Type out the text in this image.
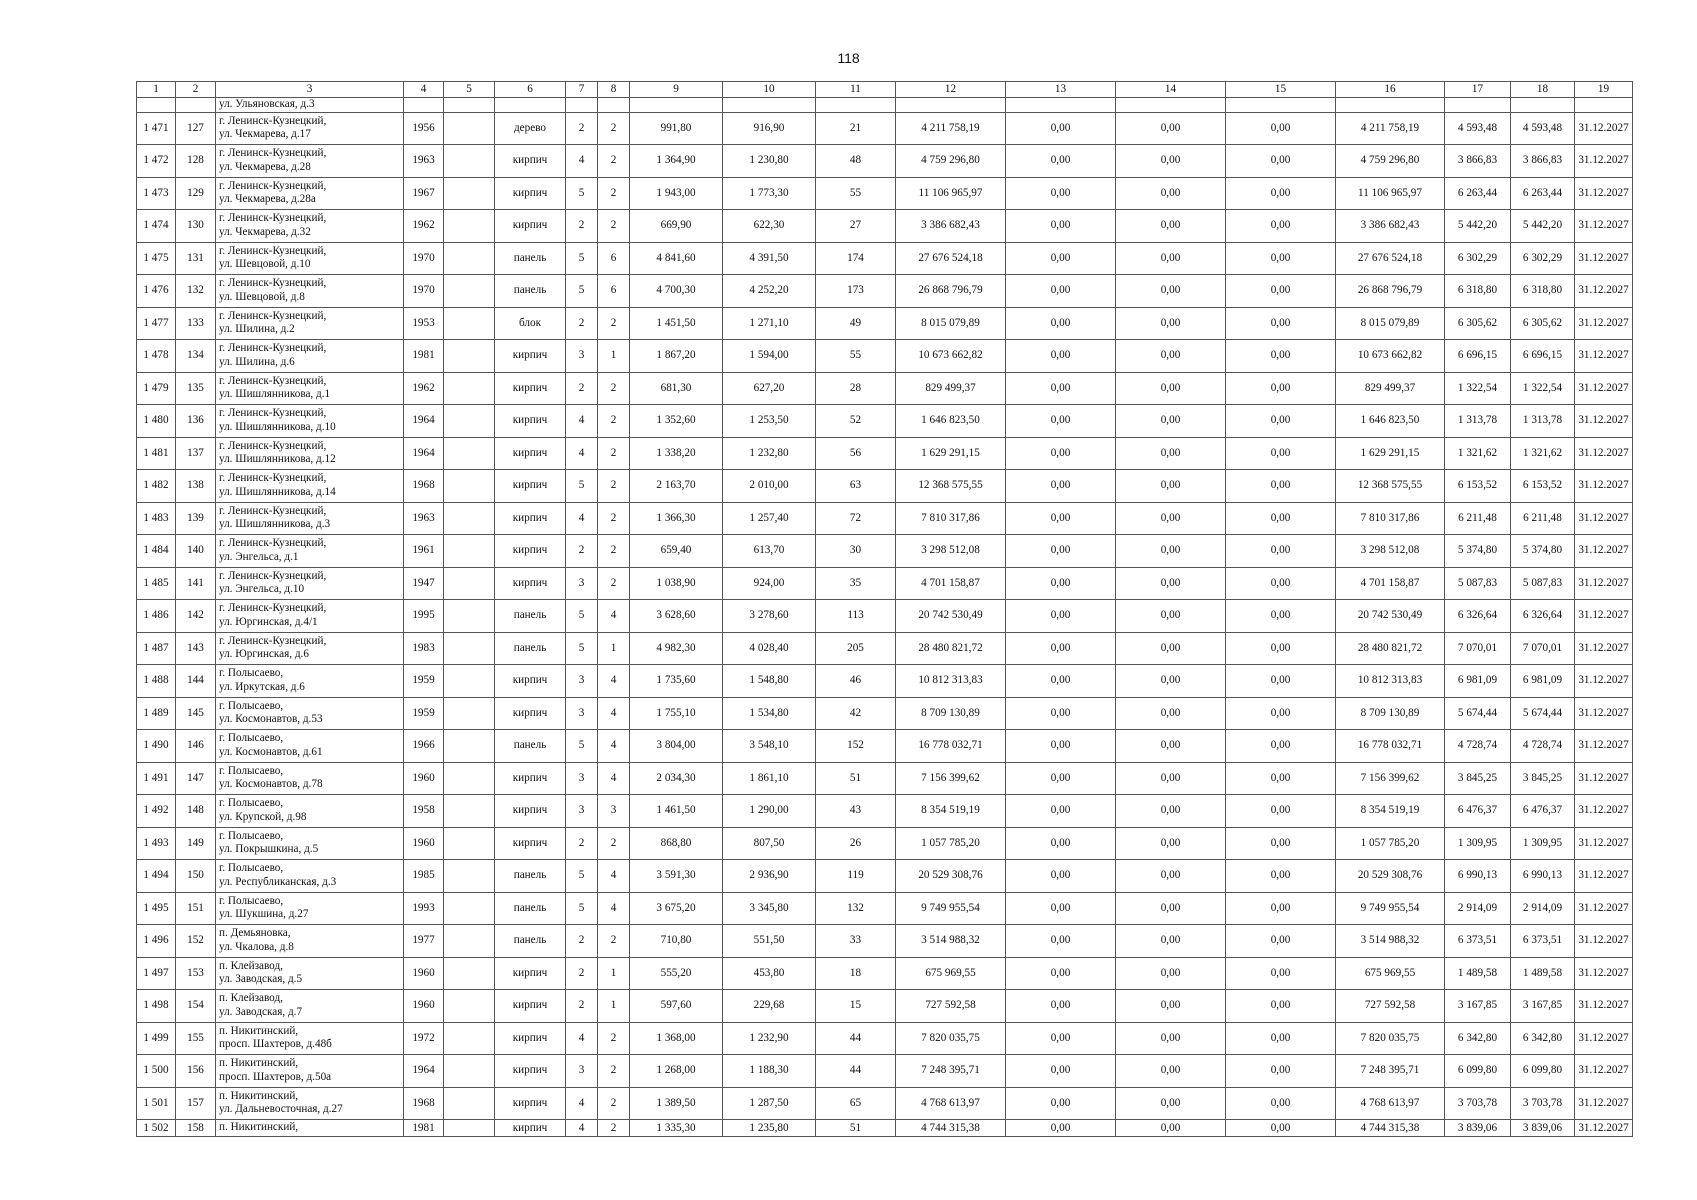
118
1	2	3	4	5	6	7	8	9	10	11	12	13	14	15	16	17	18	19
		ул. Ульяновская, д.3																
1 471	127	г. Ленинск-Кузнецкий,
ул. Чекмарева, д.17	1956		дерево	2	2	991,80	916,90	21	4 211 758,19	0,00	0,00	0,00	4 211 758,19	4 593,48	4 593,48	31.12.2027
1 472	128	г. Ленинск-Кузнецкий,
ул. Чекмарева, д.28	1963		кирпич	4	2	1 364,90	1 230,80	48	4 759 296,80	0,00	0,00	0,00	4 759 296,80	3 866,83	3 866,83	31.12.2027
1 473	129	г. Ленинск-Кузнецкий,
ул. Чекмарева, д.28а	1967		кирпич	5	2	1 943,00	1 773,30	55	11 106 965,97	0,00	0,00	0,00	11 106 965,97	6 263,44	6 263,44	31.12.2027
1 474	130	г. Ленинск-Кузнецкий,
ул. Чекмарева, д.32	1962		кирпич	2	2	669,90	622,30	27	3 386 682,43	0,00	0,00	0,00	3 386 682,43	5 442,20	5 442,20	31.12.2027
1 475	131	г. Ленинск-Кузнецкий,
ул. Шевцовой, д.10	1970		панель	5	6	4 841,60	4 391,50	174	27 676 524,18	0,00	0,00	0,00	27 676 524,18	6 302,29	6 302,29	31.12.2027
1 476	132	г. Ленинск-Кузнецкий,
ул. Шевцовой, д.8	1970		панель	5	6	4 700,30	4 252,20	173	26 868 796,79	0,00	0,00	0,00	26 868 796,79	6 318,80	6 318,80	31.12.2027
1 477	133	г. Ленинск-Кузнецкий,
ул. Шилина, д.2	1953		блок	2	2	1 451,50	1 271,10	49	8 015 079,89	0,00	0,00	0,00	8 015 079,89	6 305,62	6 305,62	31.12.2027
1 478	134	г. Ленинск-Кузнецкий,
ул. Шилина, д.6	1981		кирпич	3	1	1 867,20	1 594,00	55	10 673 662,82	0,00	0,00	0,00	10 673 662,82	6 696,15	6 696,15	31.12.2027
1 479	135	г. Ленинск-Кузнецкий,
ул. Шишлянникова, д.1	1962		кирпич	2	2	681,30	627,20	28	829 499,37	0,00	0,00	0,00	829 499,37	1 322,54	1 322,54	31.12.2027
1 480	136	г. Ленинск-Кузнецкий,
ул. Шишлянникова, д.10	1964		кирпич	4	2	1 352,60	1 253,50	52	1 646 823,50	0,00	0,00	0,00	1 646 823,50	1 313,78	1 313,78	31.12.2027
1 481	137	г. Ленинск-Кузнецкий,
ул. Шишлянникова, д.12	1964		кирпич	4	2	1 338,20	1 232,80	56	1 629 291,15	0,00	0,00	0,00	1 629 291,15	1 321,62	1 321,62	31.12.2027
1 482	138	г. Ленинск-Кузнецкий,
ул. Шишлянникова, д.14	1968		кирпич	5	2	2 163,70	2 010,00	63	12 368 575,55	0,00	0,00	0,00	12 368 575,55	6 153,52	6 153,52	31.12.2027
1 483	139	г. Ленинск-Кузнецкий,
ул. Шишлянникова, д.3	1963		кирпич	4	2	1 366,30	1 257,40	72	7 810 317,86	0,00	0,00	0,00	7 810 317,86	6 211,48	6 211,48	31.12.2027
1 484	140	г. Ленинск-Кузнецкий,
ул. Энгельса, д.1	1961		кирпич	2	2	659,40	613,70	30	3 298 512,08	0,00	0,00	0,00	3 298 512,08	5 374,80	5 374,80	31.12.2027
1 485	141	г. Ленинск-Кузнецкий,
ул. Энгельса, д.10	1947		кирпич	3	2	1 038,90	924,00	35	4 701 158,87	0,00	0,00	0,00	4 701 158,87	5 087,83	5 087,83	31.12.2027
1 486	142	г. Ленинск-Кузнецкий,
ул. Юргинская, д.4/1	1995		панель	5	4	3 628,60	3 278,60	113	20 742 530,49	0,00	0,00	0,00	20 742 530,49	6 326,64	6 326,64	31.12.2027
1 487	143	г. Ленинск-Кузнецкий,
ул. Юргинская, д.6	1983		панель	5	1	4 982,30	4 028,40	205	28 480 821,72	0,00	0,00	0,00	28 480 821,72	7 070,01	7 070,01	31.12.2027
1 488	144	г. Полысаево,
ул. Иркутская, д.6	1959		кирпич	3	4	1 735,60	1 548,80	46	10 812 313,83	0,00	0,00	0,00	10 812 313,83	6 981,09	6 981,09	31.12.2027
1 489	145	г. Полысаево,
ул. Космонавтов, д.53	1959		кирпич	3	4	1 755,10	1 534,80	42	8 709 130,89	0,00	0,00	0,00	8 709 130,89	5 674,44	5 674,44	31.12.2027
1 490	146	г. Полысаево,
ул. Космонавтов, д.61	1966		панель	5	4	3 804,00	3 548,10	152	16 778 032,71	0,00	0,00	0,00	16 778 032,71	4 728,74	4 728,74	31.12.2027
1 491	147	г. Полысаево,
ул. Космонавтов, д.78	1960		кирпич	3	4	2 034,30	1 861,10	51	7 156 399,62	0,00	0,00	0,00	7 156 399,62	3 845,25	3 845,25	31.12.2027
1 492	148	г. Полысаево,
ул. Крупской, д.98	1958		кирпич	3	3	1 461,50	1 290,00	43	8 354 519,19	0,00	0,00	0,00	8 354 519,19	6 476,37	6 476,37	31.12.2027
1 493	149	г. Полысаево,
ул. Покрышкина, д.5	1960		кирпич	2	2	868,80	807,50	26	1 057 785,20	0,00	0,00	0,00	1 057 785,20	1 309,95	1 309,95	31.12.2027
1 494	150	г. Полысаево,
ул. Республиканская, д.3	1985		панель	5	4	3 591,30	2 936,90	119	20 529 308,76	0,00	0,00	0,00	20 529 308,76	6 990,13	6 990,13	31.12.2027
1 495	151	г. Полысаево,
ул. Шукшина, д.27	1993		панель	5	4	3 675,20	3 345,80	132	9 749 955,54	0,00	0,00	0,00	9 749 955,54	2 914,09	2 914,09	31.12.2027
1 496	152	п. Демьяновка,
ул. Чкалова, д.8	1977		панель	2	2	710,80	551,50	33	3 514 988,32	0,00	0,00	0,00	3 514 988,32	6 373,51	6 373,51	31.12.2027
1 497	153	п. Клейзавод,
ул. Заводская, д.5	1960		кирпич	2	1	555,20	453,80	18	675 969,55	0,00	0,00	0,00	675 969,55	1 489,58	1 489,58	31.12.2027
1 498	154	п. Клейзавод,
ул. Заводская, д.7	1960		кирпич	2	1	597,60	229,68	15	727 592,58	0,00	0,00	0,00	727 592,58	3 167,85	3 167,85	31.12.2027
1 499	155	п. Никитинский,
просп. Шахтеров, д.48б	1972		кирпич	4	2	1 368,00	1 232,90	44	7 820 035,75	0,00	0,00	0,00	7 820 035,75	6 342,80	6 342,80	31.12.2027
1 500	156	п. Никитинский,
просп. Шахтеров, д.50а	1964		кирпич	3	2	1 268,00	1 188,30	44	7 248 395,71	0,00	0,00	0,00	7 248 395,71	6 099,80	6 099,80	31.12.2027
1 501	157	п. Никитинский,
ул. Дальневосточная, д.27	1968		кирпич	4	2	1 389,50	1 287,50	65	4 768 613,97	0,00	0,00	0,00	4 768 613,97	3 703,78	3 703,78	31.12.2027
1 502	158	п. Никитинский,	1981		кирпич	4	2	1 335,30	1 235,80	51	4 744 315,38	0,00	0,00	0,00	4 744 315,38	3 839,06	3 839,06	31.12.2027
